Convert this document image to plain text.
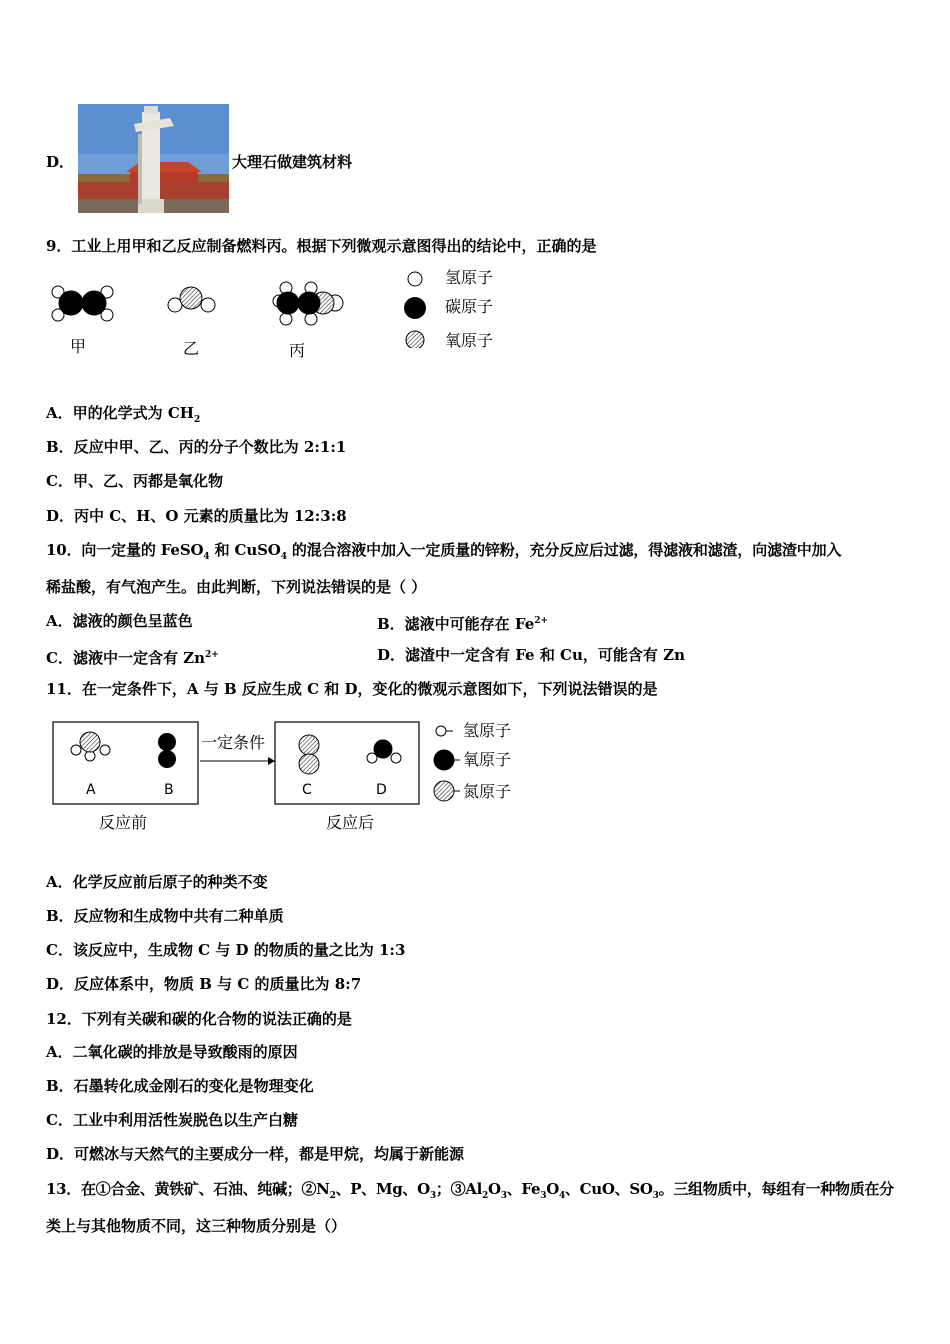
D．	大理石做建筑材料
9．工业上用甲和乙反应制备燃料丙。根据下列微观示意图得出的结论中，正确的是
氢原子
碳原子
氧原子
甲	乙	丙
A．甲的化学式为 $CH_2$
B．反应中甲、乙、丙的分子个数比为 2:1:1
C．甲、乙、丙都是氧化物
D．丙中 C、H、O 元素的质量比为 12:3:8
10．向一定量的 FeSO$_4$ 和 CuSO$_4$ 的混合溶液中加入一定质量的锌粉，充分反应后过滤，得滤液和滤渣，向滤渣中加入
稀盐酸，有气泡产生。由此判断，下列说法错误的是（ ）
A．滤液的颜色呈蓝色	B．滤液中可能存在 $Fe^{2+}$
C．滤液中一定含有 $Zn^{2+}$	D．滤渣中一定含有 Fe 和 Cu，可能含有 Zn
11．在一定条件下，A 与 B 反应生成 C 和 D，变化的微观示意图如下，下列说法错误的是
A	B	C	D
一定条件
反应前	反应后
氢原子
氧原子
氮原子
A．化学反应前后原子的种类不变
B．反应物和生成物中共有二种单质
C．该反应中，生成物 C 与 D 的物质的量之比为 1:3
D．反应体系中，物质 B 与 C 的质量比为 8:7
12．下列有关碳和碳的化合物的说法正确的是
A．二氧化碳的排放是导致酸雨的原因
B．石墨转化成金刚石的变化是物理变化
C．工业中利用活性炭脱色以生产白糖
D．可燃冰与天然气的主要成分一样，都是甲烷，均属于新能源
13．在①合金、黄铁矿、石油、纯碱；$②N_2$、P、Mg、$O_3$；$③Al_2O_3$、$Fe_3O_4$、CuO、$SO_3$。三组物质中，每组有一种物质在分
类上与其他物质不同，这三种物质分别是（）
